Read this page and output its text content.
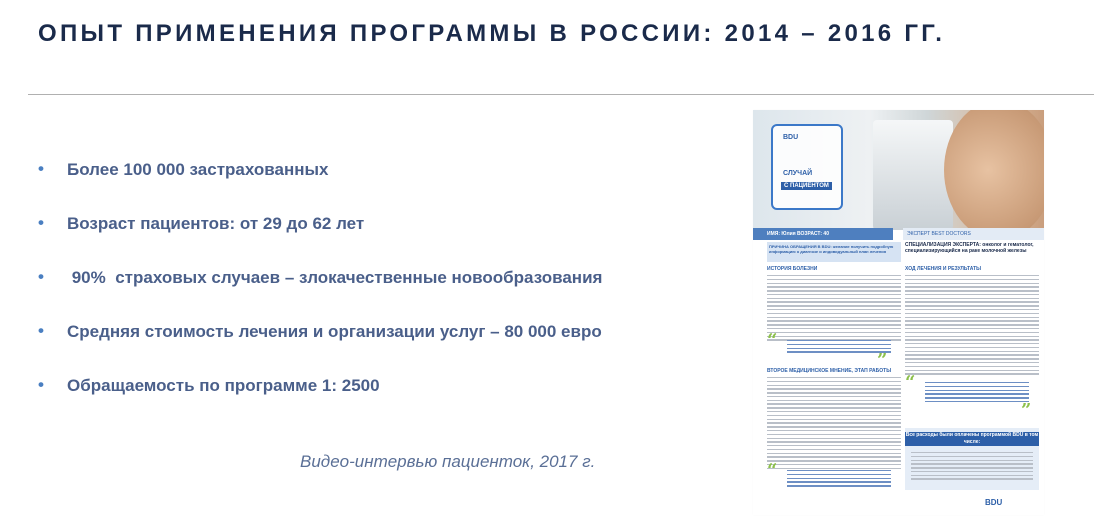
ОПЫТ ПРИМЕНЕНИЯ ПРОГРАММЫ В РОССИИ: 2014 – 2016 ГГ.
• Более 100 000 застрахованных
• Возраст пациентов: от 29 до 62 лет
• 90%  страховых случаев – злокачественные новообразования
• Средняя стоимость лечения и организации услуг – 80 000 евро
• Обращаемость по программе 1: 2500
Видео-интервью пациенток, 2017 г.
BDU
СЛУЧАЙ
С ПАЦИЕНТОМ
ИМЯ: Юлия ВОЗРАСТ: 40	ЭКСПЕРТ BEST DOCTORS
ПРИЧИНА ОБРАЩЕНИЯ В BDU: желание получить подробную информацию о диагнозе и индивидуальный план лечения
СПЕЦИАЛИЗАЦИЯ ЭКСПЕРТА: онколог и гематолог, специализирующийся на раке молочной железы
ИСТОРИЯ БОЛЕЗНИ
“
”
ВТОРОЕ МЕДИЦИНСКОЕ МНЕНИЕ, ЭТАП РАБОТЫ
“
ХОД ЛЕЧЕНИЯ И РЕЗУЛЬТАТЫ
“
”
Все расходы были оплачены программой BDU в том числе:
BDU
